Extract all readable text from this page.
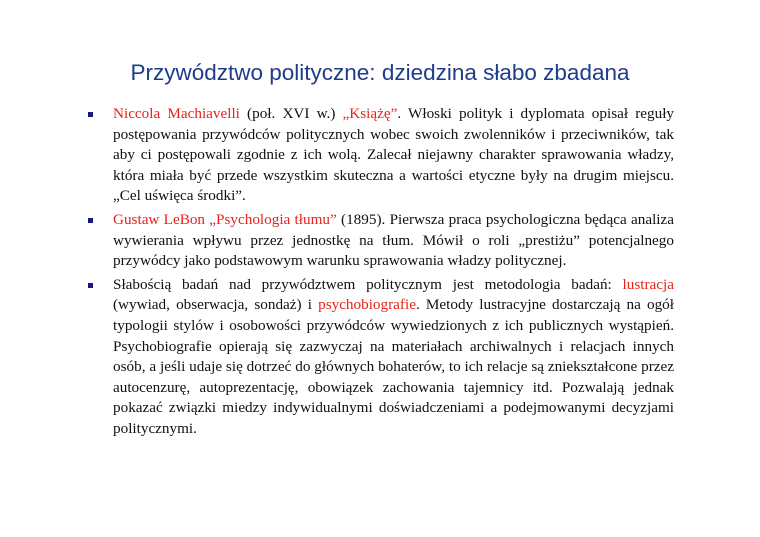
Przywództwo polityczne: dziedzina słabo zbadana
Niccola Machiavelli (poł. XVI w.) „Książę”. Włoski polityk i dyplomata opisał reguły postępowania przywódców politycznych wobec swoich zwolenników i przeciwników, tak aby ci postępowali zgodnie z ich wolą. Zalecał niejawny charakter sprawowania władzy, która miała być przede wszystkim skuteczna a wartości etyczne były na drugim miejscu. „Cel uświęca środki”.
Gustaw LeBon „Psychologia tłumu” (1895). Pierwsza praca psychologiczna będąca analiza wywierania wpływu przez jednostkę na tłum. Mówił o roli „prestiżu” potencjalnego przywódcy jako podstawowym warunku sprawowania władzy politycznej.
Słabością badań nad przywództwem politycznym jest metodologia badań: lustracja (wywiad, obserwacja, sondaż) i psychobiografie. Metody lustracyjne dostarczają na ogół typologii stylów i osobowości przywódców wywiedzionych z ich publicznych wystąpień. Psychobiografie opierają się zazwyczaj na materiałach archiwalnych i relacjach innych osób, a jeśli udaje się dotrzeć do głównych bohaterów, to ich relacje są zniekształcone przez autocenzurę, autoprezentację, obowiązek zachowania tajemnicy itd. Pozwalają jednak pokazać związki miedzy indywidualnymi doświadczeniami a podejmowanymi decyzjami politycznymi.
